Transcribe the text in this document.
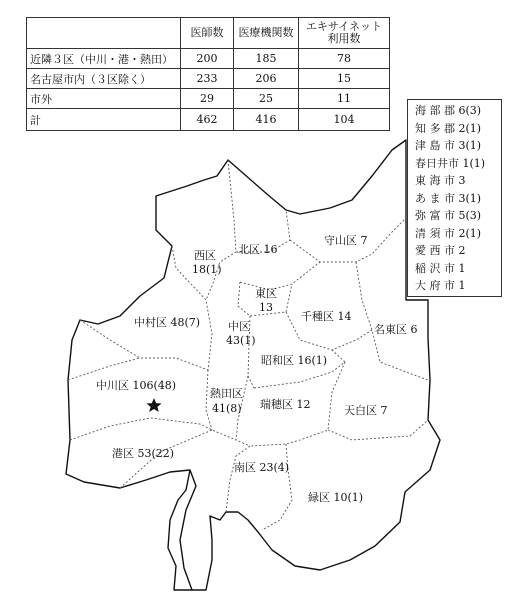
	医師数	医療機関数	エキサイネット
利用数

近隣３区（中川・港・熱田）	200	185	78
名古屋市内（３区除く）	233	206	15
市外	29	25	11
計	462	416	104
北区 16
守山区 7
西区
18(1)
東区
13
中区
43(1)
中村区 48(7)	千種区 14
名東区 6
昭和区 16(1)
中川区 106(48)
熱田区
41(8) 瑞穂区 12	天白区 7
港区 53(22)
南区 23(4)
緑区 10(1)
海 部 郡 6(3)
知 多 郡 2(1)
津 島 市 3(1)
春日井市 1(1)
東 海 市 3
あ ま 市 3(1)
弥 富 市 5(3)
清 須 市 2(1)
愛 西 市 2
稲 沢 市 1
大 府 市 1
